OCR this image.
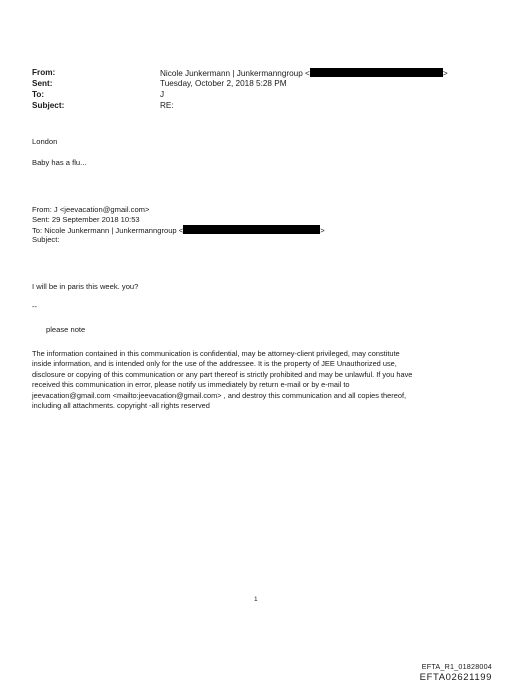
From:	Nicole Junkermann | Junkermanngroup <	>
Sent:	Tuesday, October 2, 2018 5:28 PM
To:	J
Subject:	RE:
London
Baby has a flu...
From: J <jeevacation@gmail.com>
Sent: 29 September 2018 10:53
To: Nicole Junkermann | Junkermanngroup <	>
Subject:
I will be in paris this week. you?
--
please note
The information contained in this communication is confidential, may be attorney-client privileged, may constitute
inside information, and is intended only for the use of the addressee. It is the property of JEE Unauthorized use,
disclosure or copying of this communication or any part thereof is strictly prohibited and may be unlawful. If you have
received this communication in error, please notify us immediately by return e-mail or by e-mail to
jeevacation@gmail.com <mailto:jeevacation@gmail.com> , and destroy this communication and all copies thereof,
including all attachments. copyright -all rights reserved
1
EFTA_R1_01828004
EFTA02621199
